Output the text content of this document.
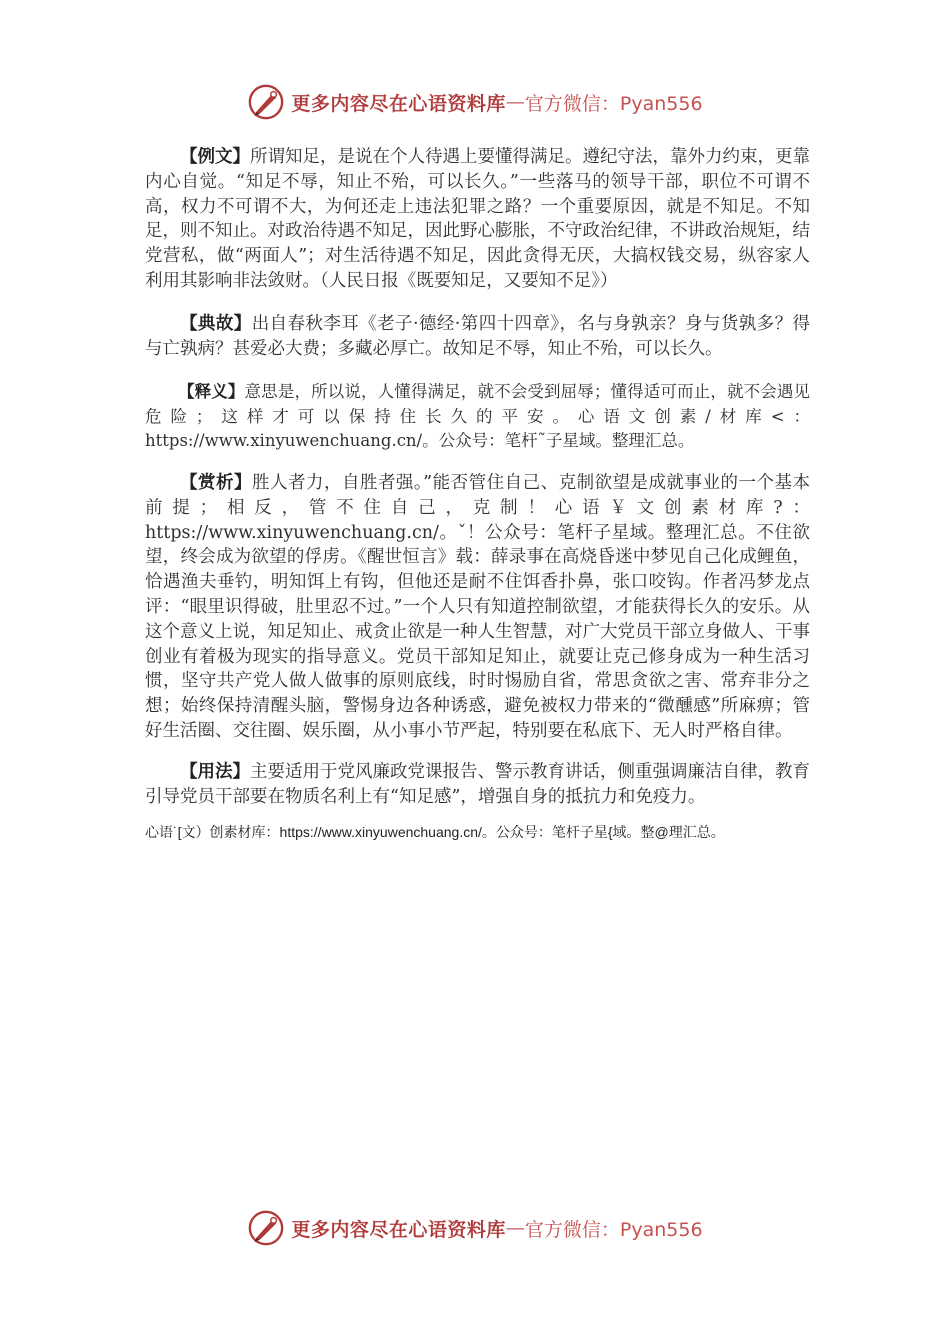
更多内容尽在心语资料库 — 官方微信：Pyan556

【例文】所谓知足，是说在个人待遇上要懂得满足。遵纪守法，靠外力约束，更靠内心自觉。“知足不辱，知止不殆，可以长久。”一些落马的领导干部，职位不可谓不高，权力不可谓不大，为何还走上违法犯罪之路？一个重要原因，就是不知足。不知足，则不知止。对政治待遇不知足，因此野心膨胀，不守政治纪律，不讲政治规矩，结党营私，做“两面人”；对生活待遇不知足，因此贪得无厌，大搞权钱交易，纵容家人利用其影响非法敛财。（人民日报《既要知足，又要知不足》）

【典故】出自春秋李耳《老子·德经·第四十四章》，名与身孰亲？身与货孰多？得与亡孰病？甚爱必大费；多藏必厚亡。故知足不辱，知止不殆，可以长久。

【释义】意思是，所以说，人懂得满足，就不会受到屈辱；懂得适可而止，就不会遇见危险；这样才可以保持住长久的平安。心语文创素/材库<：https://www.xinyuwenchuang.cn/。公众号：笔杆˜子星域。整理汇总。

【赏析】胜人者力，自胜者强。”能否管住自己、克制欲望是成就事业的一个基本前提；相反，管不住自己，克制！心语￥文创素材库?：https://www.xinyuwenchuang.cn/。ˇ！公众号：笔杆子星域。整理汇总。不住欲望，终会成为欲望的俘虏。《醒世恒言》载：薛录事在高烧昏迷中梦见自己化成鲤鱼，恰遇渔夫垂钓，明知饵上有钩，但他还是耐不住饵香扑鼻，张口咬钩。作者冯梦龙点评：“眼里识得破，肚里忍不过。”一个人只有知道控制欲望，才能获得长久的安乐。从这个意义上说，知足知止、戒贪止欲是一种人生智慧，对广大党员干部立身做人、干事创业有着极为现实的指导意义。党员干部知足知止，就要让克己修身成为一种生活习惯，坚守共产党人做人做事的原则底线，时时惕励自省，常思贪欲之害、常弃非分之想；始终保持清醒头脑，警惕身边各种诱惑，避免被权力带来的“微醺感”所麻痹；管好生活圈、交往圈、娱乐圈，从小事小节严起，特别要在私底下、无人时严格自律。

【用法】主要适用于党风廉政党课报告、警示教育讲话，侧重强调廉洁自律，教育引导党员干部要在物质名利上有“知足感”，增强自身的抵抗力和免疫力。

心语˙[文）创素材库：https://www.xinyuwenchuang.cn/。公众号：笔杆子星{域。整@理汇总。

更多内容尽在心语资料库 — 官方微信：Pyan556
